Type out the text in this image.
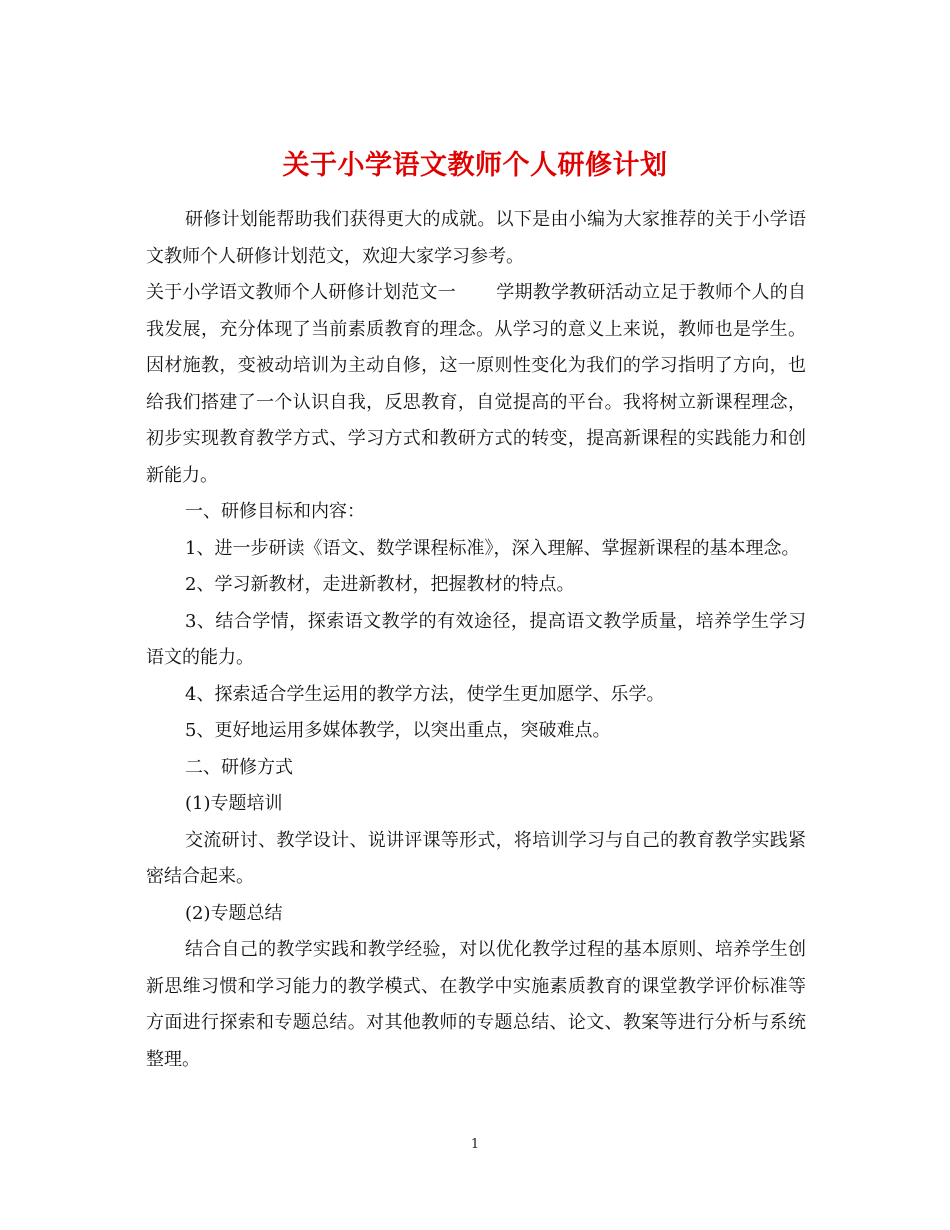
关于小学语文教师个人研修计划

研修计划能帮助我们获得更大的成就。以下是由小编为大家推荐的关于小学语文教师个人研修计划范文，欢迎大家学习参考。

关于小学语文教师个人研修计划范文一 学期教学教研活动立足于教师个人的自我发展，充分体现了当前素质教育的理念。从学习的意义上来说，教师也是学生。因材施教，变被动培训为主动自修，这一原则性变化为我们的学习指明了方向，也给我们搭建了一个认识自我，反思教育，自觉提高的平台。我将树立新课程理念，初步实现教育教学方式、学习方式和教研方式的转变，提高新课程的实践能力和创新能力。

一、研修目标和内容：

1、进一步研读《语文、数学课程标准》，深入理解、掌握新课程的基本理念。

2、学习新教材，走进新教材，把握教材的特点。

3、结合学情，探索语文教学的有效途径，提高语文教学质量，培养学生学习语文的能力。

4、探索适合学生运用的教学方法，使学生更加愿学、乐学。

5、更好地运用多媒体教学，以突出重点，突破难点。

二、研修方式

(1)专题培训

交流研讨、教学设计、说讲评课等形式，将培训学习与自己的教育教学实践紧密结合起来。

(2)专题总结

结合自己的教学实践和教学经验，对以优化教学过程的基本原则、培养学生创新思维习惯和学习能力的教学模式、在教学中实施素质教育的课堂教学评价标准等方面进行探索和专题总结。对其他教师的专题总结、论文、教案等进行分析与系统整理。

1
